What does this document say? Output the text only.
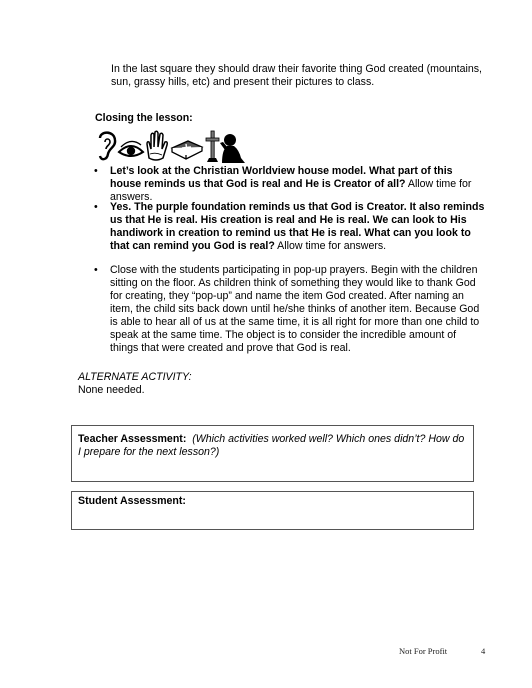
In the last square they should draw their favorite thing God created (mountains, sun, grassy hills, etc) and present their pictures to class.
Closing the lesson:
• Let’s look at the Christian Worldview house model. What part of this house reminds us that God is real and He is Creator of all? Allow time for answers.
• Yes. The purple foundation reminds us that God is Creator. It also reminds us that He is real. His creation is real and He is real. We can look to His handiwork in creation to remind us that He is real. What can you look to that can remind you God is real? Allow time for answers.
• Close with the students participating in pop-up prayers. Begin with the children sitting on the floor. As children think of something they would like to thank God for creating, they “pop-up” and name the item God created. After naming an item, the child sits back down until he/she thinks of another item. Because God is able to hear all of us at the same time, it is all right for more than one child to speak at the same time. The object is to consider the incredible amount of things that were created and prove that God is real.
ALTERNATE ACTIVITY:
None needed.
Teacher Assessment: (Which activities worked well? Which ones didn’t? How do I prepare for the next lesson?)
Student Assessment:
Not For Profit	4
